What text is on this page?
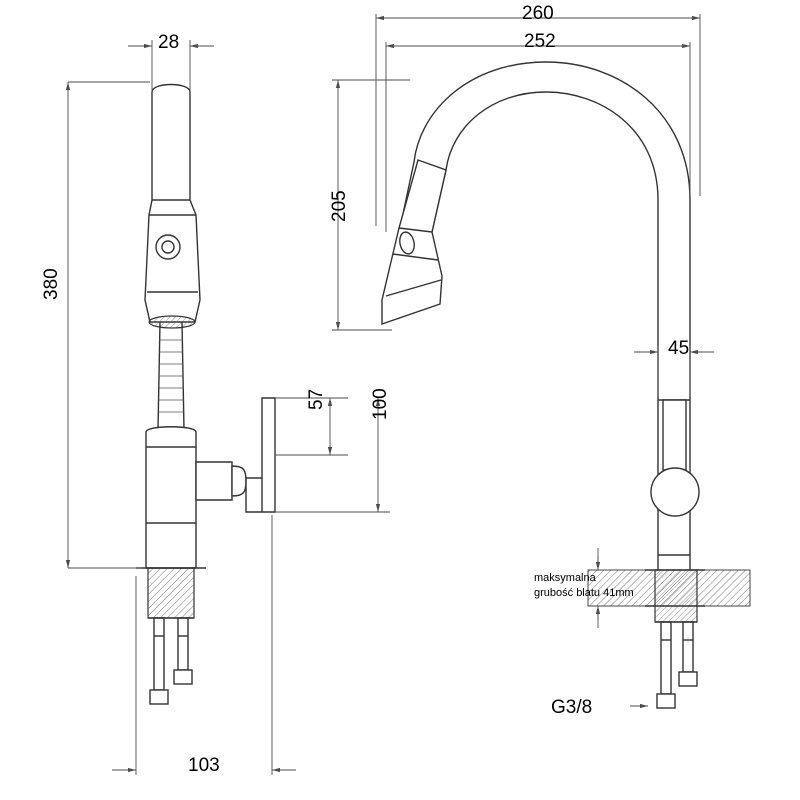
28
380
57 100
103
260
252
205
45
G3/8
maksymalna
grubość blatu 41mm
